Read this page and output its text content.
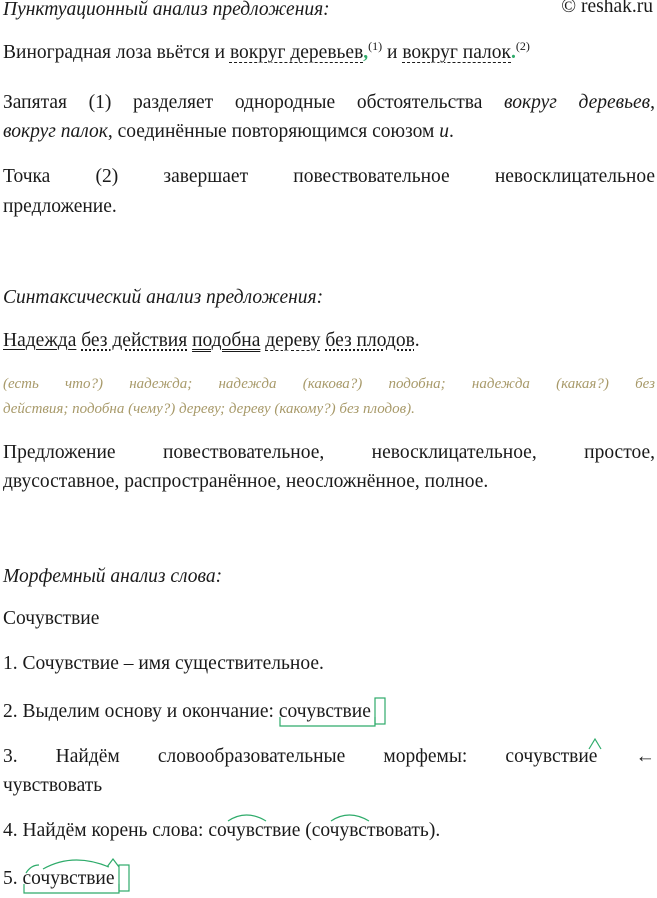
Пунктуационный анализ предложения:	© reshak.ru
Виноградная лоза вьётся и вокруг деревьев,$^{(1)}$ и вокруг палок.$^{(2)}$
Запятая (1) разделяет однородные обстоятельства вокруг деревьев,
вокруг палок, соединённые повторяющимся союзом и.
Точка (2) завершает повествовательное невосклицательное
предложение.
Синтаксический анализ предложения:
Надежда без действия подобна дереву без плодов.
(есть что?) надежда; надежда (какова?) подобна; надежда (какая?) без
действия; подобна (чему?) дереву; дереву (какому?) без плодов).
Предложение повествовательное, невосклицательное, простое,
двусоставное, распространённое, неосложнённое, полное.
Морфемный анализ слова:
Сочувствие
1. Сочувствие – имя существительное.
2. Выделим основу и окончание: сочувствие
3. Найдём словообразовательные морфемы: сочувствие ←
чувствовать
4. Найдём корень слова: сочувствие
(сочувствовать
).
5. сочувствие
